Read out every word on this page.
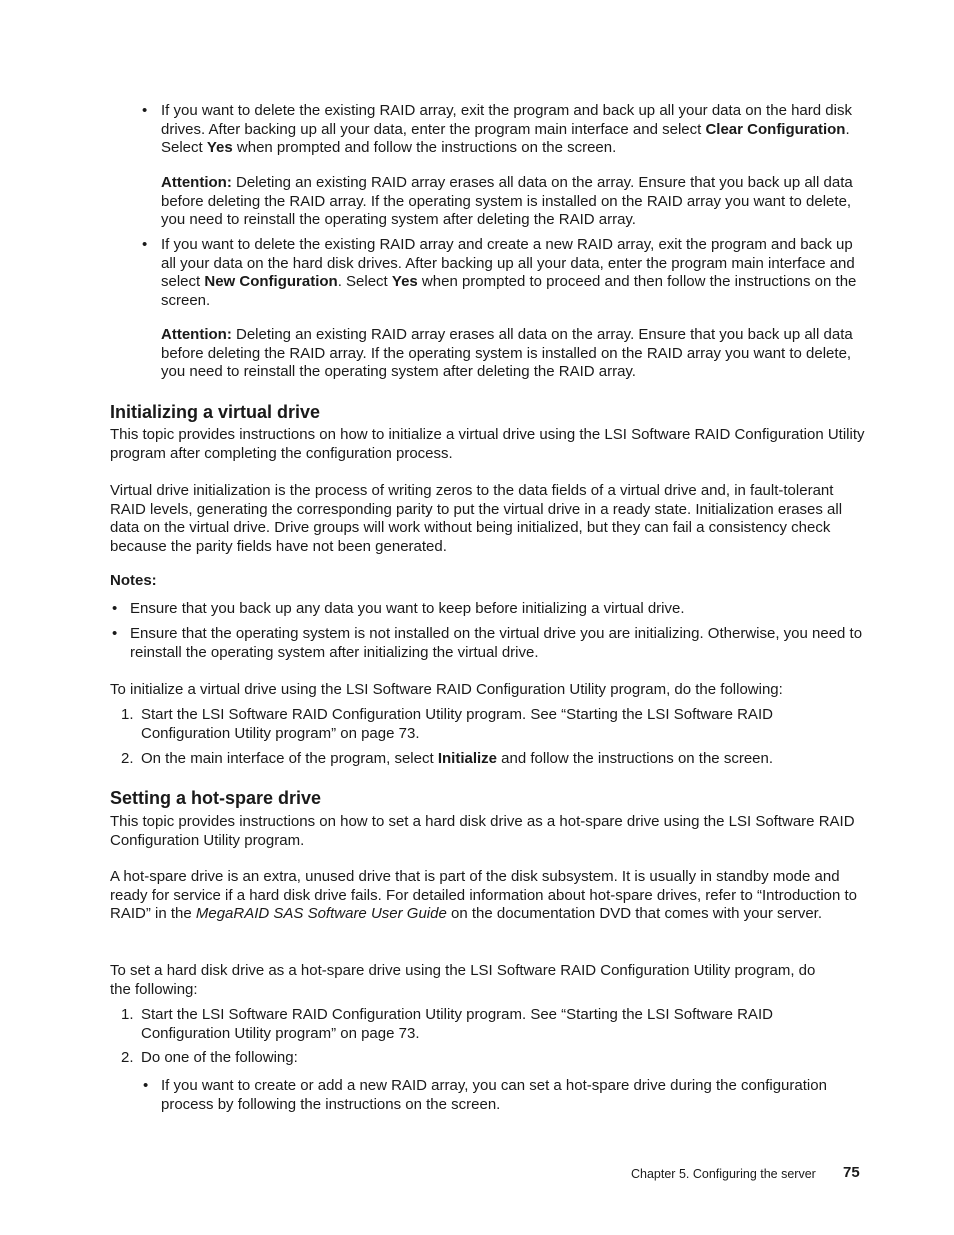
• If you want to delete the existing RAID array, exit the program and back up all your data on the hard disk drives. After backing up all your data, enter the program main interface and select Clear Configuration. Select Yes when prompted and follow the instructions on the screen.

Attention: Deleting an existing RAID array erases all data on the array. Ensure that you back up all data before deleting the RAID array. If the operating system is installed on the RAID array you want to delete, you need to reinstall the operating system after deleting the RAID array.

• If you want to delete the existing RAID array and create a new RAID array, exit the program and back up all your data on the hard disk drives. After backing up all your data, enter the program main interface and select New Configuration. Select Yes when prompted to proceed and then follow the instructions on the screen.

Attention: Deleting an existing RAID array erases all data on the array. Ensure that you back up all data before deleting the RAID array. If the operating system is installed on the RAID array you want to delete, you need to reinstall the operating system after deleting the RAID array.

Initializing a virtual drive

This topic provides instructions on how to initialize a virtual drive using the LSI Software RAID Configuration Utility program after completing the configuration process.

Virtual drive initialization is the process of writing zeros to the data fields of a virtual drive and, in fault-tolerant RAID levels, generating the corresponding parity to put the virtual drive in a ready state. Initialization erases all data on the virtual drive. Drive groups will work without being initialized, but they can fail a consistency check because the parity fields have not been generated.

Notes:

• Ensure that you back up any data you want to keep before initializing a virtual drive.

• Ensure that the operating system is not installed on the virtual drive you are initializing. Otherwise, you need to reinstall the operating system after initializing the virtual drive.

To initialize a virtual drive using the LSI Software RAID Configuration Utility program, do the following:

1. Start the LSI Software RAID Configuration Utility program. See “Starting the LSI Software RAID Configuration Utility program” on page 73.

2. On the main interface of the program, select Initialize and follow the instructions on the screen.

Setting a hot-spare drive

This topic provides instructions on how to set a hard disk drive as a hot-spare drive using the LSI Software RAID Configuration Utility program.

A hot-spare drive is an extra, unused drive that is part of the disk subsystem. It is usually in standby mode and ready for service if a hard disk drive fails. For detailed information about hot-spare drives, refer to “Introduction to RAID” in the MegaRAID SAS Software User Guide on the documentation DVD that comes with your server.

To set a hard disk drive as a hot-spare drive using the LSI Software RAID Configuration Utility program, do the following:

1. Start the LSI Software RAID Configuration Utility program. See “Starting the LSI Software RAID Configuration Utility program” on page 73.

2. Do one of the following:

• If you want to create or add a new RAID array, you can set a hot-spare drive during the configuration process by following the instructions on the screen.

Chapter 5. Configuring the server 75
